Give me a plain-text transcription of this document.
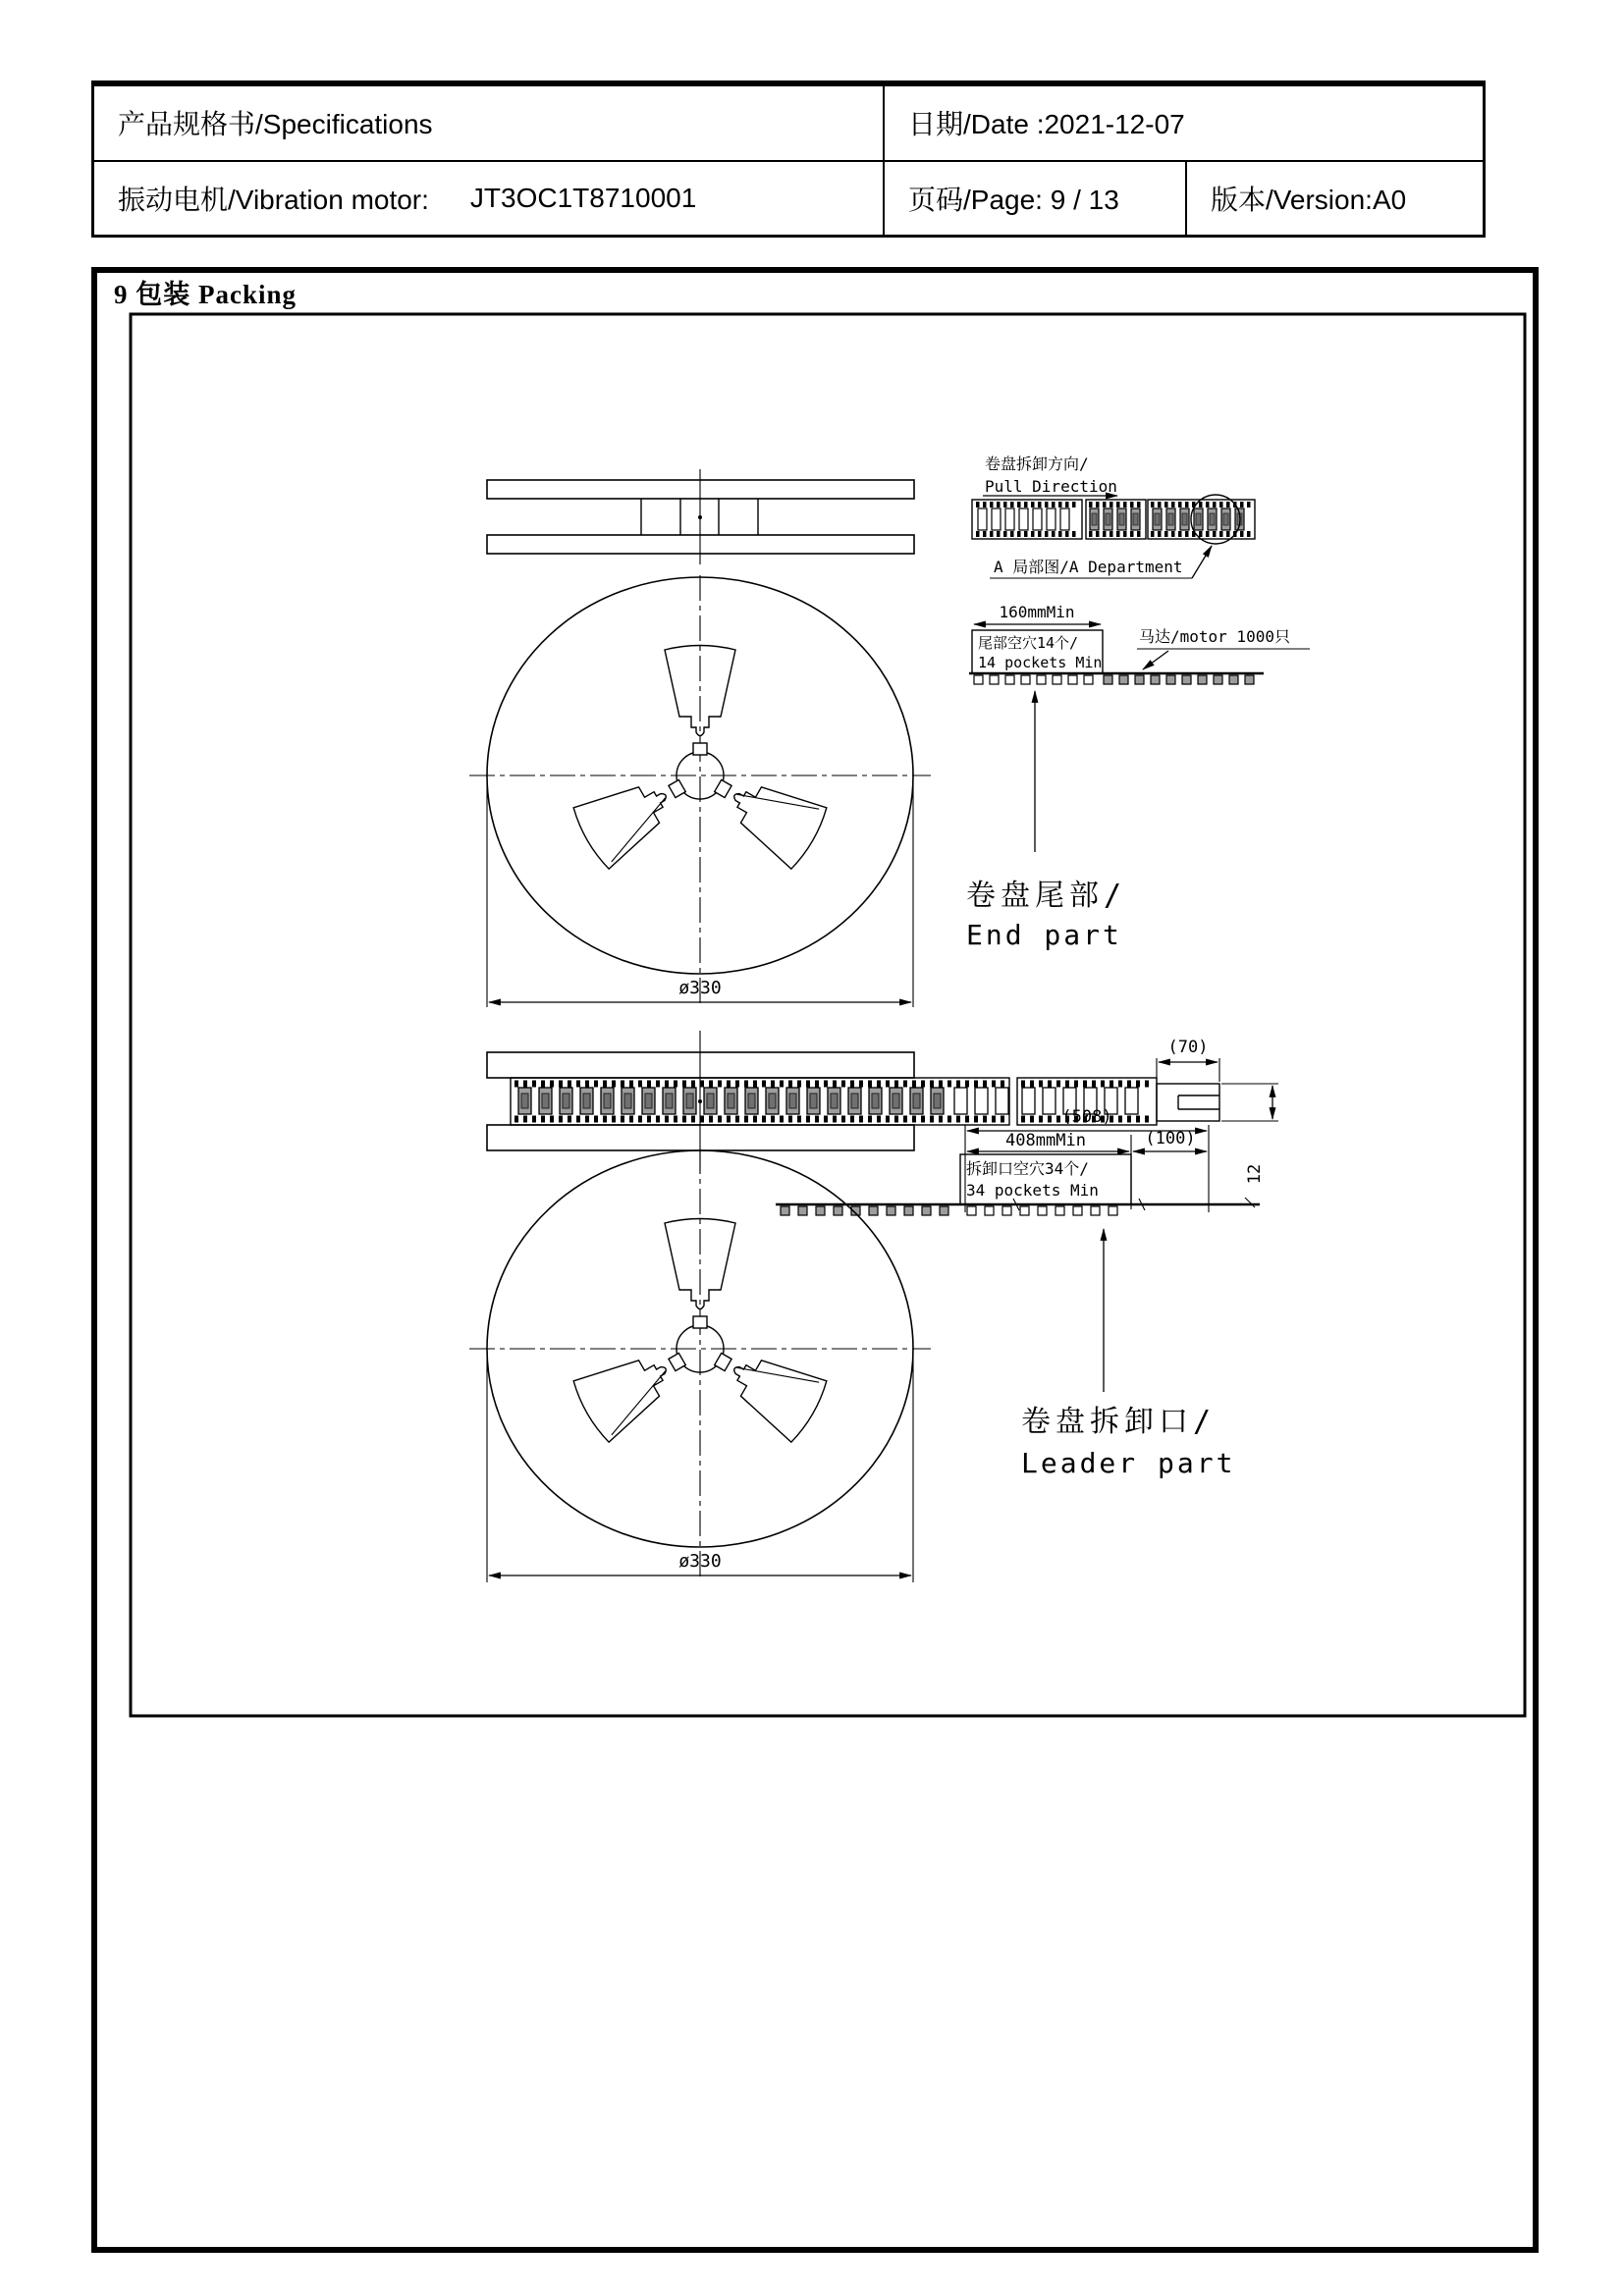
产品规格书/Specifications	日期/Date :2021-12-07
振动电机/Vibration motor: JT3OC1T8710001	页码/Page: 9 / 13	版本/Version:A0
9 包装 Packing
卷盘拆卸方向/
Pull Direction
A 局部图/A Department
160mmMin
尾部空穴14个/
14 pockets Min
马达/motor 1000只
卷盘尾部/
End part
ø330
(70)
12
(508)
408mmMin	(100)
拆卸口空穴34个/
34 pockets Min
卷盘拆卸口/
Leader part
ø330
